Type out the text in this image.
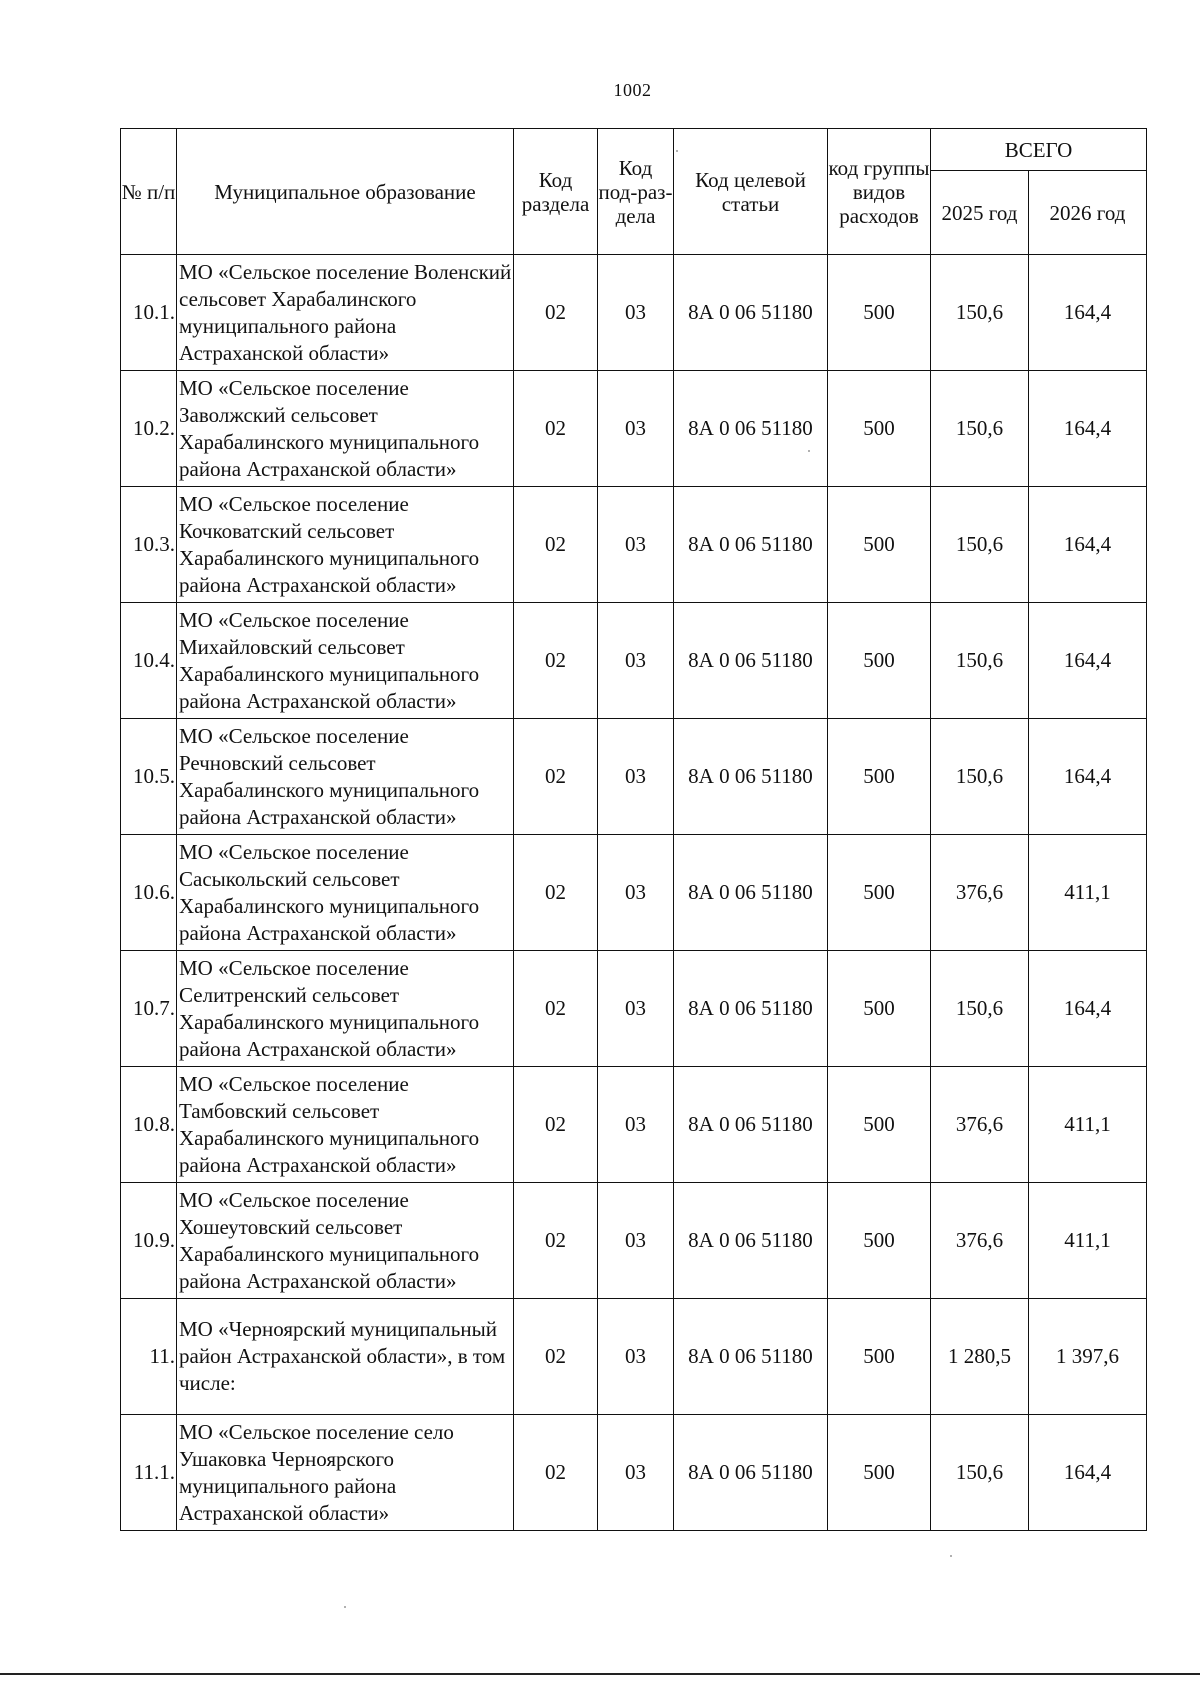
1002
№ п/п	Муниципальное образование	Код раздела	Код под-раз-дела	Код целевой статьи	код группы видов расходов	ВСЕГО	
						2025 год	2026 год
10.1.	МО «Сельское поселение Воленский сельсовет Харабалинского муниципального района Астраханской области»	02	03	8А 0 06 51180	500	150,6	164,4
10.2.	МО «Сельское поселение Заволжский сельсовет Харабалинского муниципального района Астраханской области»	02	03	8А 0 06 51180	500	150,6	164,4
10.3.	МО «Сельское поселение Кочковатский сельсовет Харабалинского муниципального района Астраханской области»	02	03	8А 0 06 51180	500	150,6	164,4
10.4.	МО «Сельское поселение Михайловский сельсовет Харабалинского муниципального района Астраханской области»	02	03	8А 0 06 51180	500	150,6	164,4
10.5.	МО «Сельское поселение Речновский сельсовет Харабалинского муниципального района Астраханской области»	02	03	8А 0 06 51180	500	150,6	164,4
10.6.	МО «Сельское поселение Сасыкольский сельсовет Харабалинского муниципального района Астраханской области»	02	03	8А 0 06 51180	500	376,6	411,1
10.7.	МО «Сельское поселение Селитренский сельсовет Харабалинского муниципального района Астраханской области»	02	03	8А 0 06 51180	500	150,6	164,4
10.8.	МО «Сельское поселение Тамбовский сельсовет Харабалинского муниципального района Астраханской области»	02	03	8А 0 06 51180	500	376,6	411,1
10.9.	МО «Сельское поселение Хошеутовский сельсовет Харабалинского муниципального района Астраханской области»	02	03	8А 0 06 51180	500	376,6	411,1
11.	МО «Черноярский муниципальный район Астраханской области», в том числе:	02	03	8А 0 06 51180	500	1 280,5	1 397,6
11.1.	МО «Сельское поселение село Ушаковка Черноярского муниципального района Астраханской области»	02	03	8А 0 06 51180	500	150,6	164,4
